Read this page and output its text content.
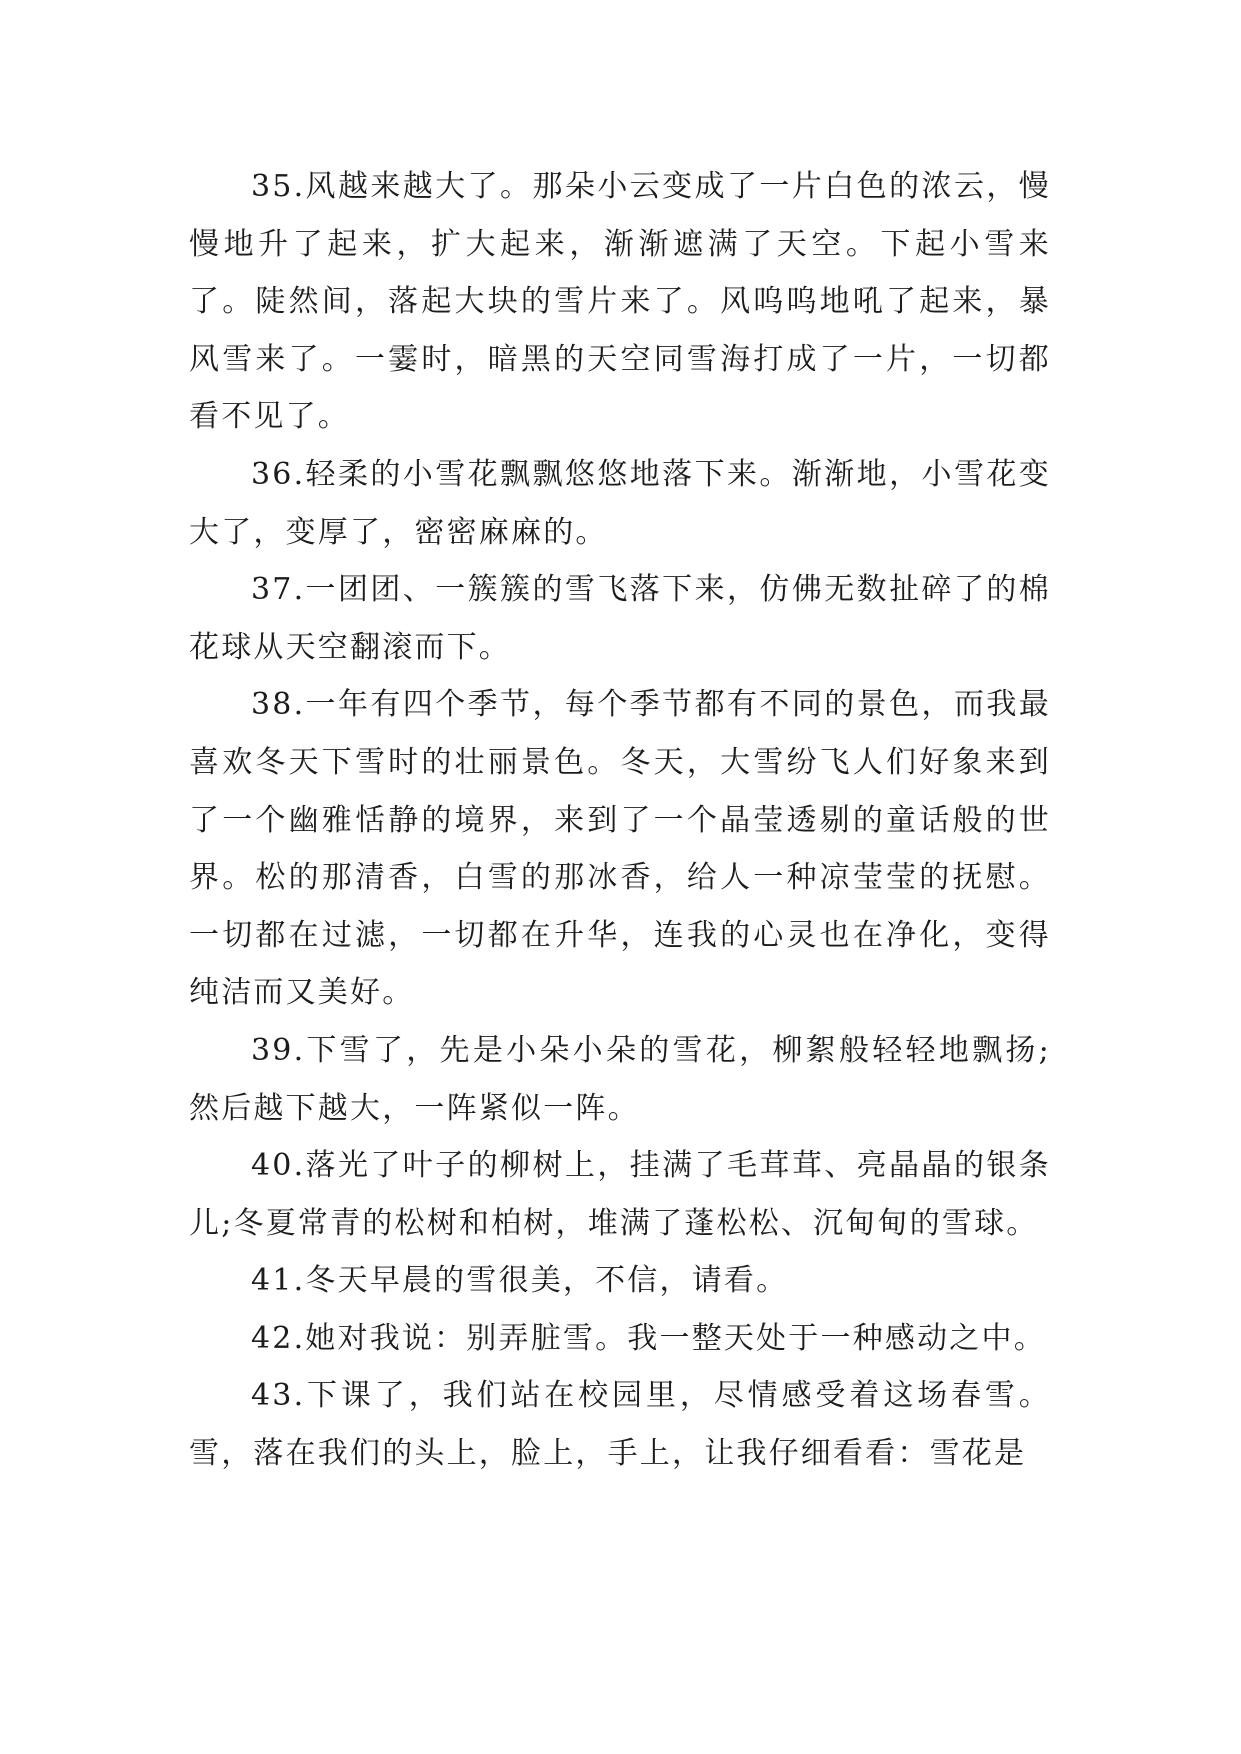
35.风越来越大了。那朵小云变成了一片白色的浓云，慢慢地升了起来，扩大起来，渐渐遮满了天空。下起小雪来了。陡然间，落起大块的雪片来了。风呜呜地吼了起来，暴风雪来了。一霎时，暗黑的天空同雪海打成了一片，一切都看不见了。

36.轻柔的小雪花飘飘悠悠地落下来。渐渐地，小雪花变大了，变厚了，密密麻麻的。

37.一团团、一簇簇的雪飞落下来，仿佛无数扯碎了的棉花球从天空翻滚而下。

38.一年有四个季节，每个季节都有不同的景色，而我最喜欢冬天下雪时的壮丽景色。冬天，大雪纷飞人们好象来到了一个幽雅恬静的境界，来到了一个晶莹透剔的童话般的世界。松的那清香，白雪的那冰香，给人一种凉莹莹的抚慰。一切都在过滤，一切都在升华，连我的心灵也在净化，变得纯洁而又美好。

39.下雪了，先是小朵小朵的雪花，柳絮般轻轻地飘扬;然后越下越大，一阵紧似一阵。

40.落光了叶子的柳树上，挂满了毛茸茸、亮晶晶的银条儿;冬夏常青的松树和柏树，堆满了蓬松松、沉甸甸的雪球。

41.冬天早晨的雪很美，不信，请看。

42.她对我说：别弄脏雪。我一整天处于一种感动之中。

43.下课了，我们站在校园里，尽情感受着这场春雪。雪，落在我们的头上，脸上，手上，让我仔细看看：雪花是
